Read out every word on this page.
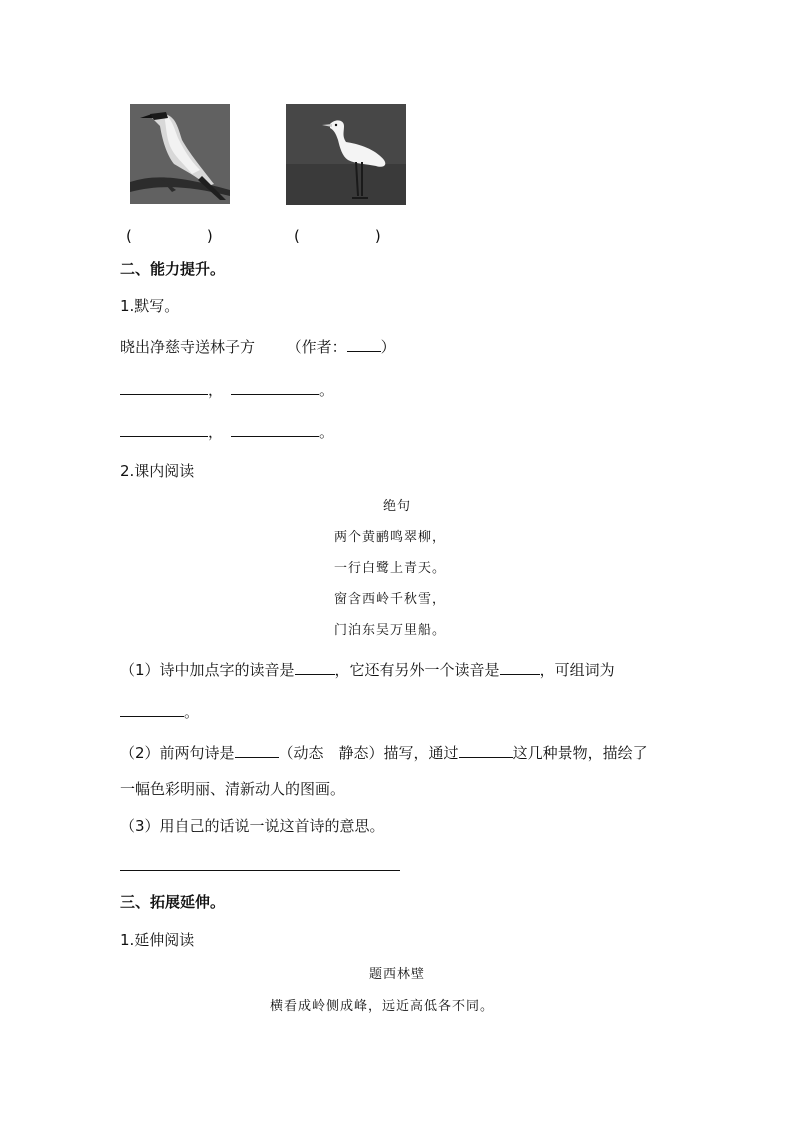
(　　　　　)	(　　　　　)
二、能力提升。
1.默写。
晓出净慈寺送林子方 （作者： ）
，	。
，	。
2.课内阅读
绝句
两个黄鹂鸣翠柳，
一行白鹭上青天。
窗含西岭千秋雪，
门泊东吴万里船。
（1）诗中加点字的读音是	，它还有另外一个读音是	，可组词为
。
（2）前两句诗是	（动态　静态）描写，通过	这几种景物，描绘了
一幅色彩明丽、清新动人的图画。
（3）用自己的话说一说这首诗的意思。
三、拓展延伸。
1.延伸阅读
题西林壁
横看成岭侧成峰，远近高低各不同。
